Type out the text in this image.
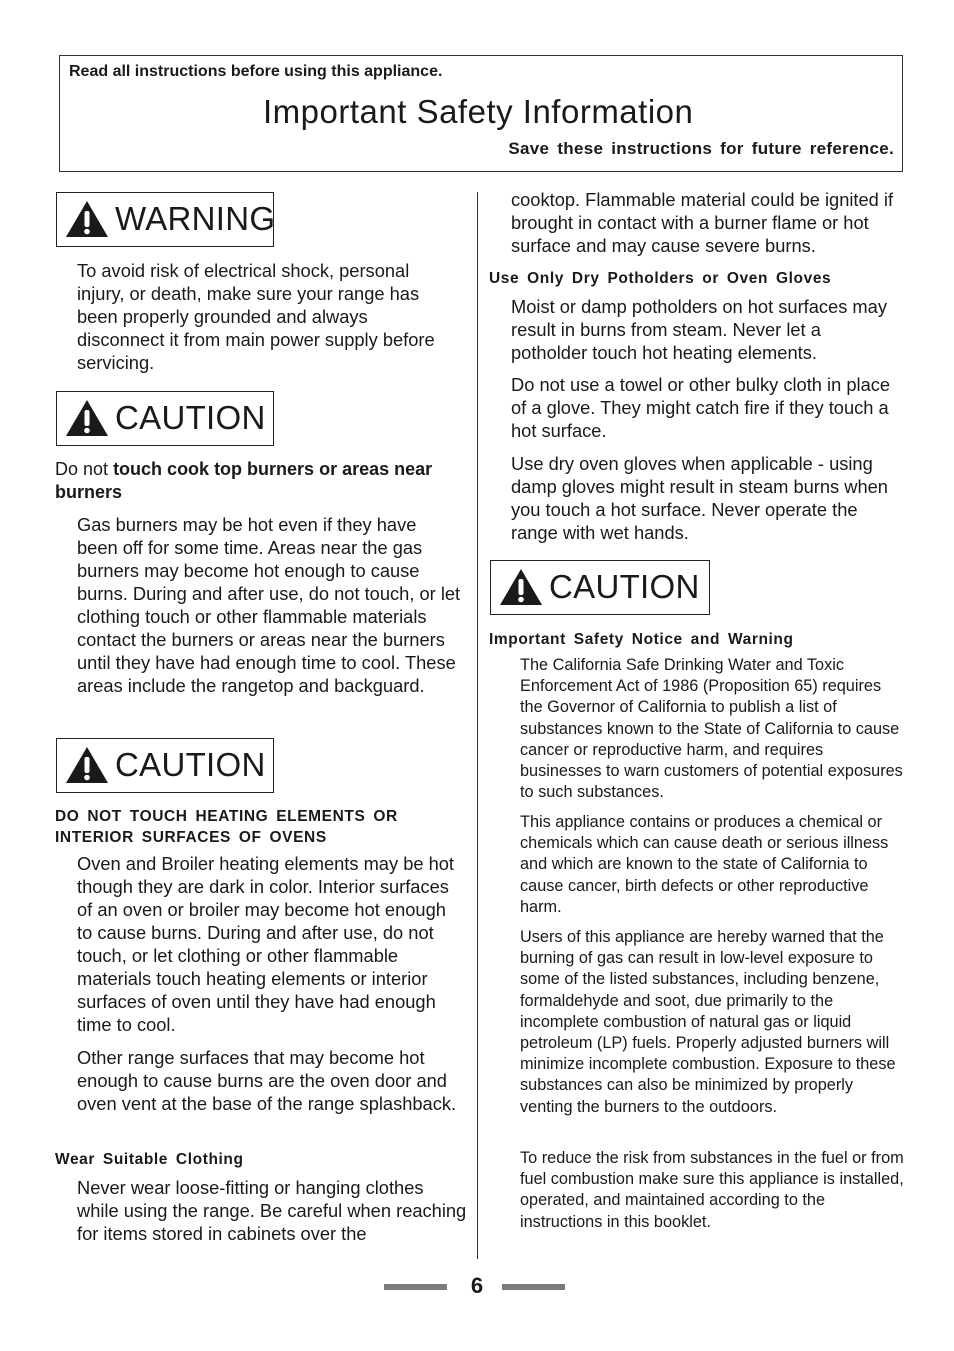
Read all instructions before using this appliance.
Important Safety Information
Save these instructions for future reference.
WARNING

To avoid risk of electrical shock, personal injury, or death, make sure your range has been properly grounded and always disconnect it from main power supply before servicing.

CAUTION
Do not touch cook top burners or areas near burners

Gas burners may be hot even if they have been off for some time. Areas near the gas burners may become hot enough to cause burns. During and after use, do not touch, or let clothing touch or other flammable materials contact the burners or areas near the burners until they have had enough time to cool. These areas include the rangetop and backguard.

CAUTION
DO NOT TOUCH HEATING ELEMENTS OR
INTERIOR SURFACES OF OVENS

Oven and Broiler heating elements may be hot though they are dark in color. Interior surfaces of an oven or broiler may become hot enough to cause burns. During and after use, do not touch, or let clothing or other flammable materials touch heating elements or interior surfaces of oven until they have had enough time to cool.

Other range surfaces that may become hot enough to cause burns are the oven door and oven vent at the base of the range splashback.

Wear Suitable Clothing

Never wear loose-fitting or hanging clothes while using the range. Be careful when reaching for items stored in cabinets over the

cooktop. Flammable material could be ignited if brought in contact with a burner flame or hot surface and may cause severe burns.

Use Only Dry Potholders or Oven Gloves

Moist or damp potholders on hot surfaces may result in burns from steam. Never let a potholder touch hot heating elements.

Do not use a towel or other bulky cloth in place of a glove. They might catch fire if they touch a hot surface.

Use dry oven gloves when applicable - using damp gloves might result in steam burns when you touch a hot surface. Never operate the range with wet hands.

CAUTION
Important Safety Notice and Warning

The California Safe Drinking Water and Toxic Enforcement Act of 1986 (Proposition 65) requires the Governor of California to publish a list of substances known to the State of California to cause cancer or reproductive harm, and requires businesses to warn customers of potential exposures to such substances.

This appliance contains or produces a chemical or chemicals which can cause death or serious illness and which are known to the state of California to cause cancer, birth defects or other reproductive harm.

Users of this appliance are hereby warned that the burning of gas can result in low-level exposure to some of the listed substances, including benzene, formaldehyde and soot, due primarily to the incomplete combustion of natural gas or liquid petroleum (LP) fuels. Properly adjusted burners will minimize incomplete combustion. Exposure to these substances can also be minimized by properly venting the burners to the outdoors.

To reduce the risk from substances in the fuel or from fuel combustion make sure this appliance is installed, operated, and maintained according to the instructions in this booklet.

6
